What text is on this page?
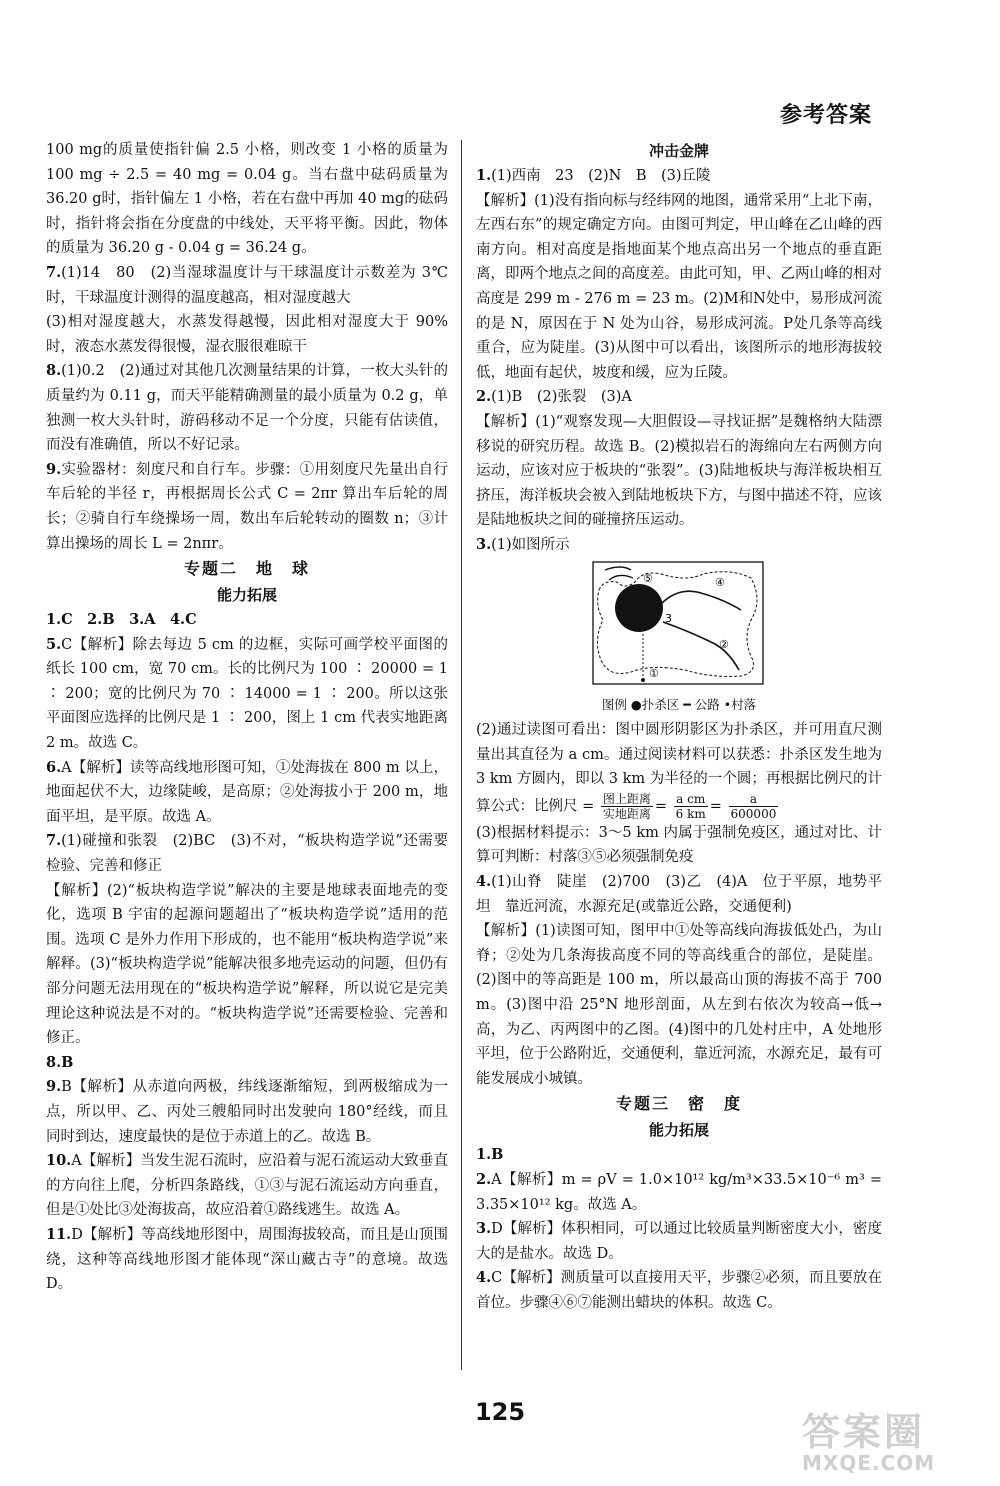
参考答案

100 mg的质量使指针偏 2.5 小格，则改变 1 小格的质量为 100 mg ÷ 2.5 = 40 mg = 0.04 g。当右盘中砝码质量为 36.20 g时，指针偏左 1 小格，若在右盘中再加 40 mg的砝码时，指针将会指在分度盘的中线处，天平将平衡。因此，物体的质量为 36.20 g - 0.04 g = 36.24 g。

7.(1)14　80　(2)当湿球温度计与干球温度计示数差为 3℃时，干球温度计测得的温度越高，相对湿度越大

(3)相对湿度越大，水蒸发得越慢，因此相对湿度大于 90%时，液态水蒸发得很慢，湿衣服很难晾干

8.(1)0.2　(2)通过对其他几次测量结果的计算，一枚大头针的质量约为 0.11 g，而天平能精确测量的最小质量为 0.2 g，单独测一枚大头针时，游码移动不足一个分度，只能有估读值，而没有准确值，所以不好记录。

9.实验器材：刻度尺和自行车。步骤：①用刻度尺先量出自行车后轮的半径 r，再根据周长公式 C = 2πr 算出车后轮的周长；②骑自行车绕操场一周，数出车后轮转动的圈数 n；③计算出操场的周长 L = 2nπr。

专题二　地　球
能力拓展

1.C　2.B　3.A　4.C

5.C【解析】除去每边 5 cm 的边框，实际可画学校平面图的纸长 100 cm，宽 70 cm。长的比例尺为 100 ∶ 20000 = 1 ∶ 200；宽的比例尺为 70 ∶ 14000 = 1 ∶ 200。所以这张平面图应选择的比例尺是 1 ∶ 200，图上 1 cm 代表实地距离 2 m。故选 C。

6.A【解析】读等高线地形图可知，①处海拔在 800 m 以上，地面起伏不大，边缘陡峻，是高原；②处海拔小于 200 m，地面平坦，是平原。故选 A。

7.(1)碰撞和张裂　(2)BC　(3)不对，“板块构造学说”还需要检验、完善和修正

【解析】(2)“板块构造学说”解决的主要是地球表面地壳的变化，选项 B 宇宙的起源问题超出了“板块构造学说”适用的范围。选项 C 是外力作用下形成的，也不能用“板块构造学说”来解释。(3)“板块构造学说”能解决很多地壳运动的问题，但仍有部分问题无法用现在的“板块构造学说”解释，所以说它是完美理论这种说法是不对的。“板块构造学说”还需要检验、完善和修正。

8.B

9.B【解析】从赤道向两极，纬线逐渐缩短，到两极缩成为一点，所以甲、乙、丙处三艘船同时出发驶向 180°经线，而且同时到达，速度最快的是位于赤道上的乙。故选 B。

10.A【解析】当发生泥石流时，应沿着与泥石流运动大致垂直的方向往上爬，分析四条路线，①③与泥石流运动方向垂直，但是①处比③处海拔高，故应沿着①路线逃生。故选 A。

11.D【解析】等高线地形图中，周围海拔较高，而且是山顶围绕，这种等高线地形图才能体现“深山藏古寺”的意境。故选 D。

冲击金牌

1.(1)西南　23　(2)N　B　(3)丘陵

【解析】(1)没有指向标与经纬网的地图，通常采用“上北下南，左西右东”的规定确定方向。由图可判定，甲山峰在乙山峰的西南方向。相对高度是指地面某个地点高出另一个地点的垂直距离，即两个地点之间的高度差。由此可知，甲、乙两山峰的相对高度是 299 m - 276 m = 23 m。(2)M和N处中，易形成河流的是 N，原因在于 N 处为山谷，易形成河流。P处几条等高线重合，应为陡崖。(3)从图中可以看出，该图所示的地形海拔较低，地面有起伏，坡度和缓，应为丘陵。

2.(1)B　(2)张裂　(3)A

【解析】(1)“观察发现—大胆假设—寻找证据”是魏格纳大陆漂移说的研究历程。故选 B。(2)模拟岩石的海绵向左右两侧方向运动，应该对应于板块的“张裂”。(3)陆地板块与海洋板块相互挤压，海洋板块会被入到陆地板块下方，与图中描述不符，应该是陆地板块之间的碰撞挤压运动。

3.(1)如图所示

①
②
3
④
⑤
图例 ●扑杀区 ━ 公路 •村落

(2)通过读图可看出：图中圆形阴影区为扑杀区，并可用直尺测量出其直径为 a cm。通过阅读材料可以获悉：扑杀区发生地为 3 km 方圆内，即以 3 km 为半径的一个圆；再根据比例尺的计算公式：比例尺 = $\frac{\text{图上距离}}{\text{实地距离}} = \frac{\text{a cm}}{6 km} = \frac{a}{600000}$

(3)根据材料提示：3～5 km 内属于强制免疫区，通过对比、计算可判断：村落③⑤必须强制免疫

4.(1)山脊　陡崖　(2)700　(3)乙　(4)A　位于平原，地势平坦　靠近河流，水源充足(或靠近公路，交通便利)

【解析】(1)读图可知，图甲中①处等高线向海拔低处凸，为山脊；②处为几条海拔高度不同的等高线重合的部位，是陡崖。(2)图中的等高距是 100 m，所以最高山顶的海拔不高于 700 m。(3)图中沿 25°N 地形剖面，从左到右依次为较高→低→高，为乙、丙两图中的乙图。(4)图中的几处村庄中，A 处地形平坦，位于公路附近，交通便利，靠近河流，水源充足，最有可能发展成小城镇。

专题三　密　度
能力拓展

1.B

2.A【解析】m = ρV = 1.0×10¹² kg/m³×33.5×10⁻⁶ m³ = 3.35×10¹² kg。故选 A。

3.D【解析】体积相同，可以通过比较质量判断密度大小，密度大的是盐水。故选 D。

4.C【解析】测质量可以直接用天平，步骤②必须，而且要放在首位。步骤④⑥⑦能测出蜡块的体积。故选 C。

125	答案圈
MXQE.COM
